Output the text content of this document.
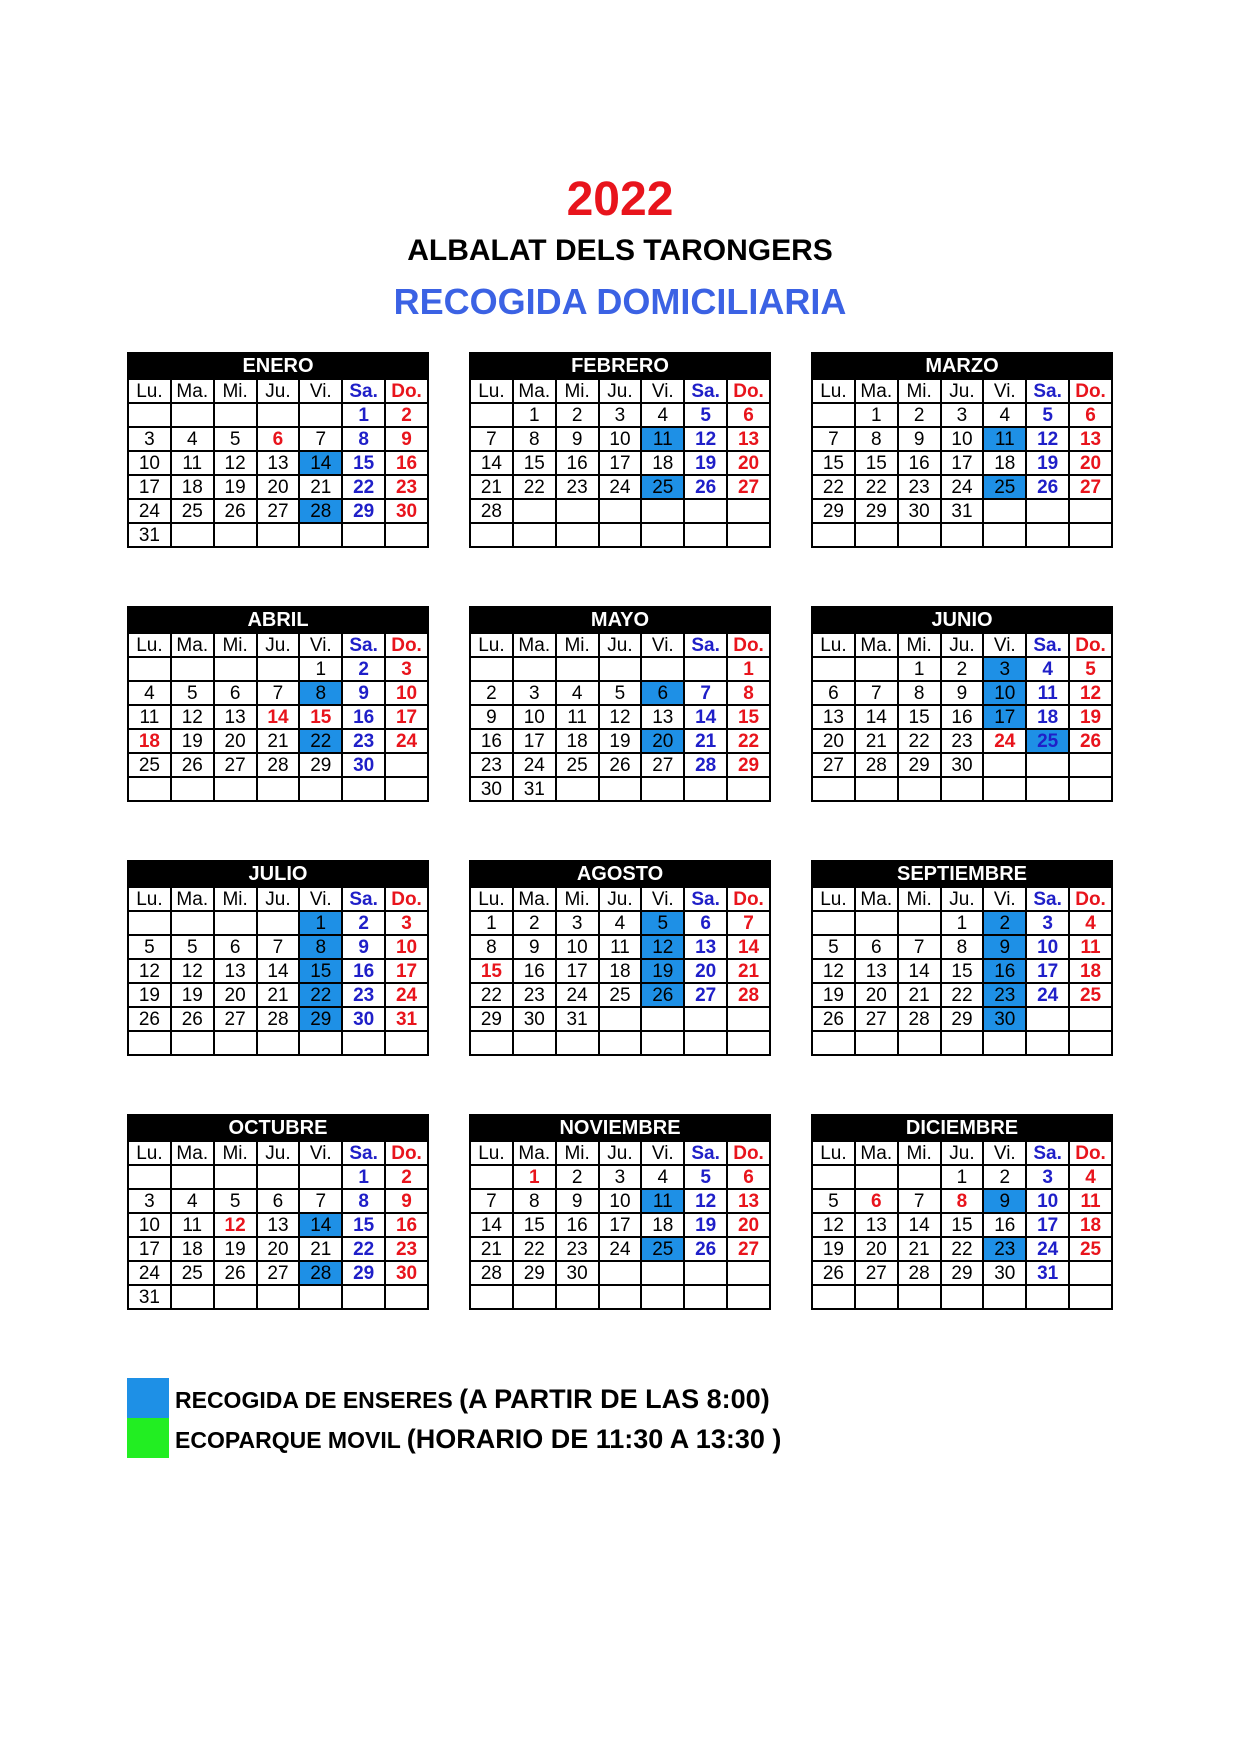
2022
ALBALAT DELS TARONGERS
RECOGIDA DOMICILIARIA
ENERO						
Lu.	Ma.	Mi.	Ju.	Vi.	Sa.	Do.
					1	2
3	4	5	6	7	8	9
10	11	12	13	14	15	16
17	18	19	20	21	22	23
24	25	26	27	28	29	30
31						
FEBRERO						
Lu.	Ma.	Mi.	Ju.	Vi.	Sa.	Do.
	1	2	3	4	5	6
7	8	9	10	11	12	13
14	15	16	17	18	19	20
21	22	23	24	25	26	27
28						

MARZO						
Lu.	Ma.	Mi.	Ju.	Vi.	Sa.	Do.
	1	2	3	4	5	6
7	8	9	10	11	12	13
15	15	16	17	18	19	20
22	22	23	24	25	26	27
29	29	30	31			

ABRIL						
Lu.	Ma.	Mi.	Ju.	Vi.	Sa.	Do.
				1	2	3
4	5	6	7	8	9	10
11	12	13	14	15	16	17
18	19	20	21	22	23	24
25	26	27	28	29	30	

MAYO						
Lu.	Ma.	Mi.	Ju.	Vi.	Sa.	Do.
						1
2	3	4	5	6	7	8
9	10	11	12	13	14	15
16	17	18	19	20	21	22
23	24	25	26	27	28	29
30	31					
JUNIO						
Lu.	Ma.	Mi.	Ju.	Vi.	Sa.	Do.
		1	2	3	4	5
6	7	8	9	10	11	12
13	14	15	16	17	18	19
20	21	22	23	24	25	26
27	28	29	30			

JULIO						
Lu.	Ma.	Mi.	Ju.	Vi.	Sa.	Do.
				1	2	3
5	5	6	7	8	9	10
12	12	13	14	15	16	17
19	19	20	21	22	23	24
26	26	27	28	29	30	31

AGOSTO						
Lu.	Ma.	Mi.	Ju.	Vi.	Sa.	Do.
1	2	3	4	5	6	7
8	9	10	11	12	13	14
15	16	17	18	19	20	21
22	23	24	25	26	27	28
29	30	31				

SEPTIEMBRE						
Lu.	Ma.	Mi.	Ju.	Vi.	Sa.	Do.
			1	2	3	4
5	6	7	8	9	10	11
12	13	14	15	16	17	18
19	20	21	22	23	24	25
26	27	28	29	30		

OCTUBRE						
Lu.	Ma.	Mi.	Ju.	Vi.	Sa.	Do.
					1	2
3	4	5	6	7	8	9
10	11	12	13	14	15	16
17	18	19	20	21	22	23
24	25	26	27	28	29	30
31						
NOVIEMBRE						
Lu.	Ma.	Mi.	Ju.	Vi.	Sa.	Do.
	1	2	3	4	5	6
7	8	9	10	11	12	13
14	15	16	17	18	19	20
21	22	23	24	25	26	27
28	29	30				

DICIEMBRE						
Lu.	Ma.	Mi.	Ju.	Vi.	Sa.	Do.
			1	2	3	4
5	6	7	8	9	10	11
12	13	14	15	16	17	18
19	20	21	22	23	24	25
26	27	28	29	30	31	

RECOGIDA DE ENSERES (A PARTIR DE LAS 8:00)
ECOPARQUE MOVIL (HORARIO DE 11:30 A 13:30 )
